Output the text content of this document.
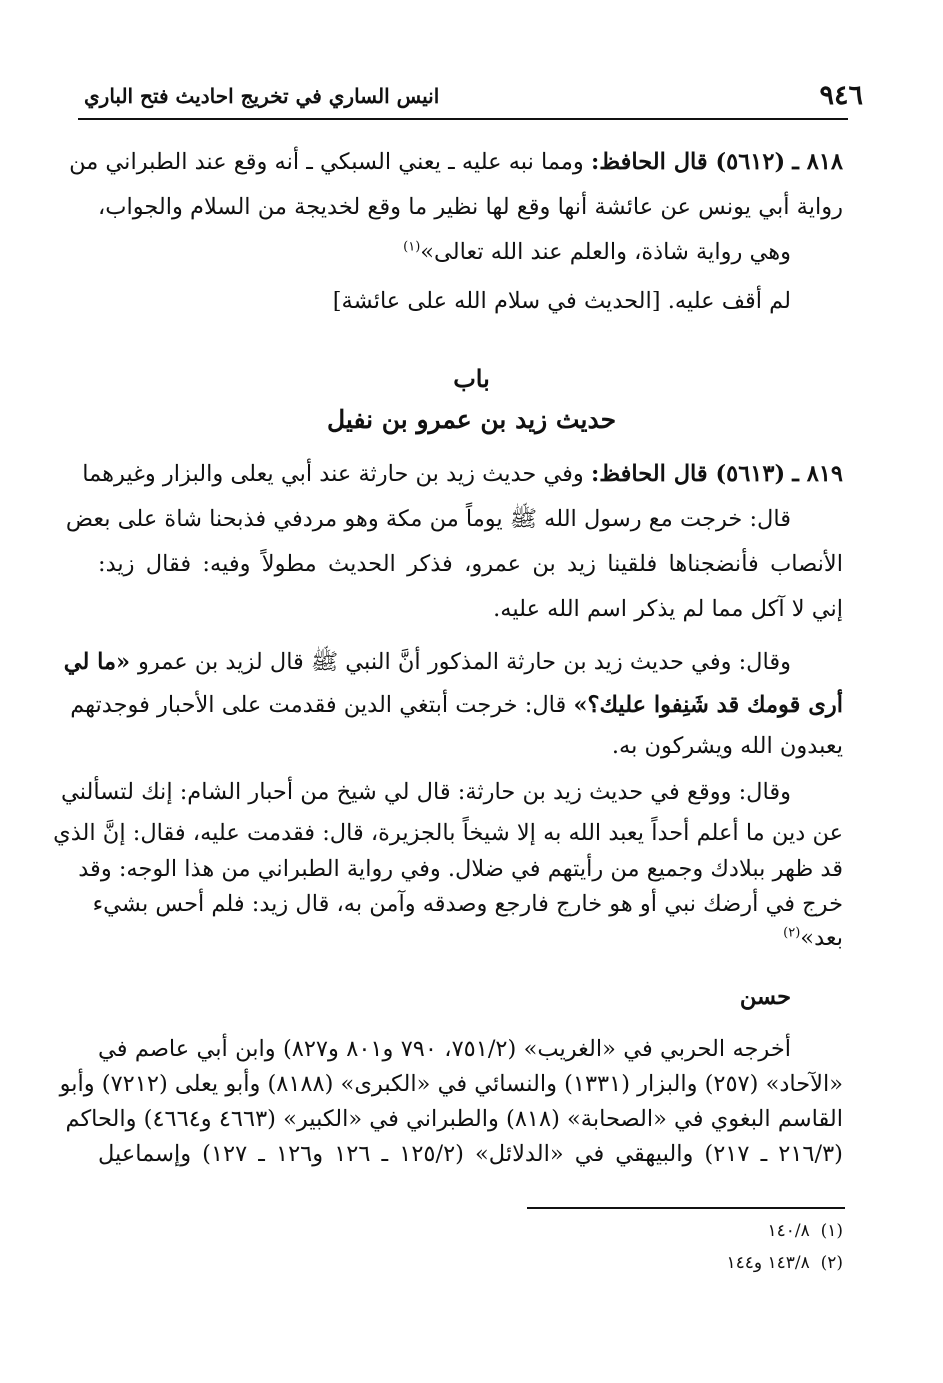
٩٤٦
انيس الساري في تخريج احاديث فتح الباري

٨١٨ ـ (٥٦١٢) قال الحافظ: ومما نبه عليه ـ يعني السبكي ـ أنه وقع عند الطبراني من

رواية أبي يونس عن عائشة أنها وقع لها نظير ما وقع لخديجة من السلام والجواب،

وهي رواية شاذة، والعلم عند الله تعالى»$^{(١)}$

لم أقف عليه. [الحديث في سلام الله على عائشة]

باب
حديث زيد بن عمرو بن نفيل

٨١٩ ـ (٥٦١٣) قال الحافظ: وفي حديث زيد بن حارثة عند أبي يعلى والبزار وغيرهما

قال: خرجت مع رسول الله ﷺ يوماً من مكة وهو مردفي فذبحنا شاة على بعض

الأنصاب فأنضجناها فلقينا زيد بن عمرو، فذكر الحديث مطولاً وفيه: فقال زيد:

إني لا آكل مما لم يذكر اسم الله عليه.

وقال: وفي حديث زيد بن حارثة المذكور أنَّ النبي ﷺ قال لزيد بن عمرو «ما لي

أرى قومك قد شَنِفوا عليك؟» قال: خرجت أبتغي الدين فقدمت على الأحبار فوجدتهم

يعبدون الله ويشركون به.

وقال: ووقع في حديث زيد بن حارثة: قال لي شيخ من أحبار الشام: إنك لتسألني

عن دين ما أعلم أحداً يعبد الله به إلا شيخاً بالجزيرة، قال: فقدمت عليه، فقال: إنَّ الذي

قد ظهر ببلادك وجميع من رأيتهم في ضلال. وفي رواية الطبراني من هذا الوجه: وقد

خرج في أرضك نبي أو هو خارج فارجع وصدقه وآمن به، قال زيد: فلم أحس بشيء

بعد»$^{(٢)}$

حسن

أخرجه الحربي في «الغريب» (٧٥١/٢، ٧٩٠ و٨٠١ و٨٢٧) وابن أبي عاصم في

«الآحاد» (٢٥٧) والبزار (١٣٣١) والنسائي في «الكبرى» (٨١٨٨) وأبو يعلى (٧٢١٢) وأبو

القاسم البغوي في «الصحابة» (٨١٨) والطبراني في «الكبير» (٤٦٦٣ و٤٦٦٤) والحاكم

(٢١٦/٣ ـ ٢١٧) والبيهقي في «الدلائل» (١٢٥/٢ ـ ١٢٦ و١٢٦ ـ ١٢٧) وإسماعيل

(١)  ١٤٠/٨

(٢)  ١٤٣/٨ و١٤٤
